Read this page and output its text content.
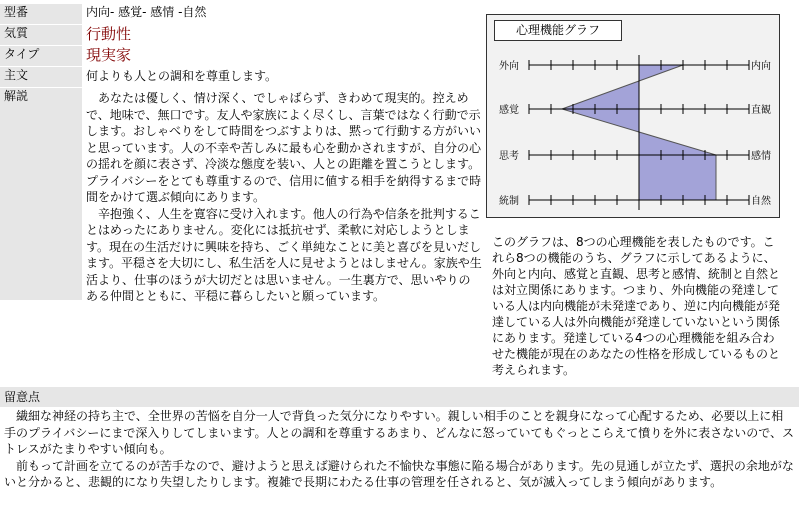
型番	内向- 感覚- 感情 -自然
気質	行動性
タイプ	現実家
主文	何よりも人との調和を尊重します。
解説	あなたは優しく、情け深く、でしゃばらず、きわめて現実的。控えめで、地味で、無口です。友人や家族によく尽くし、言葉ではなく行動で示します。おしゃべりをして時間をつぶすよりは、黙って行動する方がいいと思っています。人の不幸や苦しみに最も心を動かされますが、自分の心の揺れを顔に表さず、冷淡な態度を装い、人との距離を置こうとします。プライバシーをとても尊重するので、信用に値する相手を納得するまで時間をかけて選ぶ傾向にあります。

辛抱強く、人生を寛容に受け入れます。他人の行為や信条を批判することはめったにありません。変化には抵抗せず、柔軟に対応しようとします。現在の生活だけに興味を持ち、ごく単純なことに美と喜びを見いだします。平穏さを大切にし、私生活を人に見せようとはしません。家族や生活より、仕事のほうが大切だとは思いません。一生裏方で、思いやりのある仲間とともに、平穏に暮らしたいと願っています。

心理機能グラフ
外向	内向
感覚	直観
思考	感情
統制	自然
このグラフは、8つの心理機能を表したものです。これら8つの機能のうち、グラフに示してあるように、外向と内向、感覚と直観、思考と感情、統制と自然とは対立関係にあります。つまり、外向機能の発達している人は内向機能が未発達であり、逆に内向機能が発達している人は外向機能が発達していないという関係にあります。発達している4つの心理機能を組み合わせた機能が現在のあなたの性格を形成しているものと考えられます。
留意点

繊細な神経の持ち主で、全世界の苦悩を自分一人で背負った気分になりやすい。親しい相手のことを親身になって心配するため、必要以上に相手のプライバシーにまで深入りしてしまいます。人との調和を尊重するあまり、どんなに怒っていてもぐっとこらえて憤りを外に表さないので、ストレスがたまりやすい傾向も。

前もって計画を立てるのが苦手なので、避けようと思えば避けられた不愉快な事態に陥る場合があります。先の見通しが立たず、選択の余地がないと分かると、悲観的になり失望したりします。複雑で長期にわたる仕事の管理を任されると、気が滅入ってしまう傾向があります。
